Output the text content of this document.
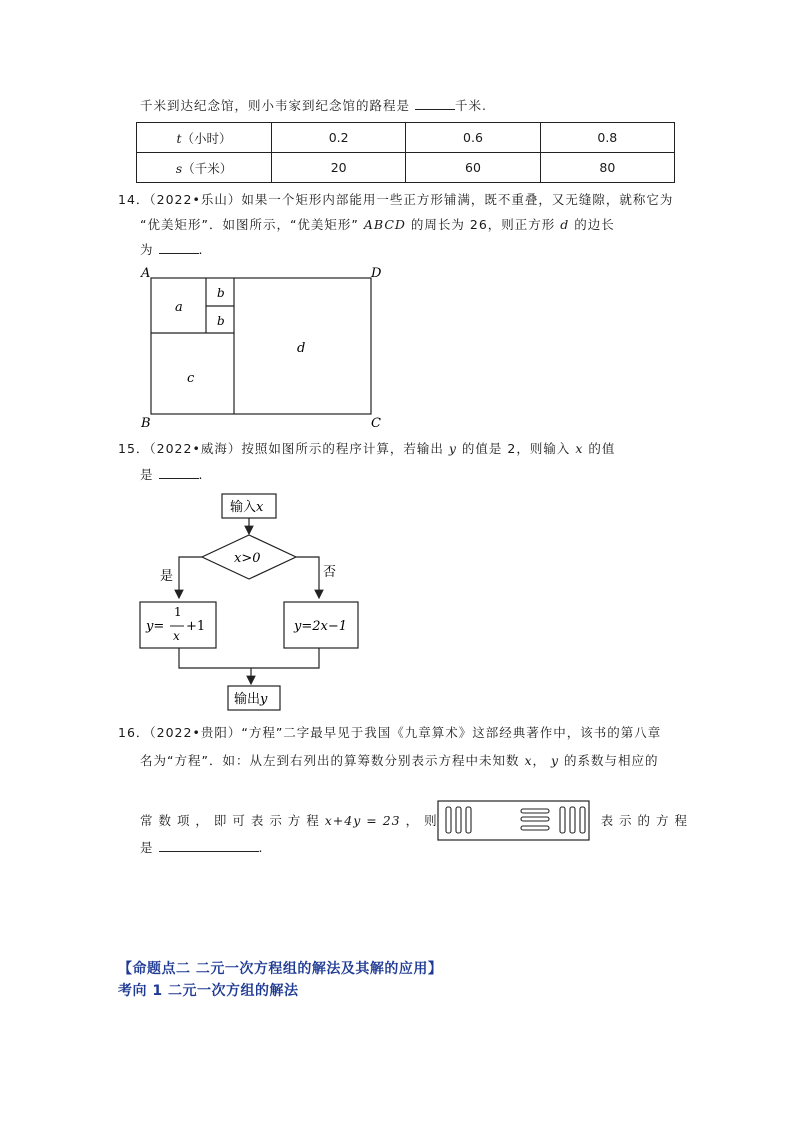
千米到达纪念馆，则小韦家到纪念馆的路程是	千米.
t（小时）	0.2	0.6	0.8
s（千米）	20	60	80
14．（2022•乐山）如果一个矩形内部能用一些正方形铺满，既不重叠，又无缝隙，就称它为
“优美矩形”．如图所示，“优美矩形” ABCD 的周长为 26，则正方形 d 的边长
为	.
A	D
B	C
a
b
b
c
d
15．（2022•威海）按照如图所示的程序计算，若输出 y 的值是 2，则输入 x 的值
是	.
输入x
x>0
是	否
y=
1
x
+1	y=2x−1
输出y
16．（2022•贵阳）“方程”二字最早见于我国《九章算术》这部经典著作中，该书的第八章
名为“方程”．如：从左到右列出的算筹数分别表示方程中未知数 x， y 的系数与相应的
常 数 项 ， 即 可 表 示 方 程 x+4y = 23 ， 则	表 示 的 方 程
是	.
【命题点二 二元一次方程组的解法及其解的应用】
考向 1 二元一次方组的解法
